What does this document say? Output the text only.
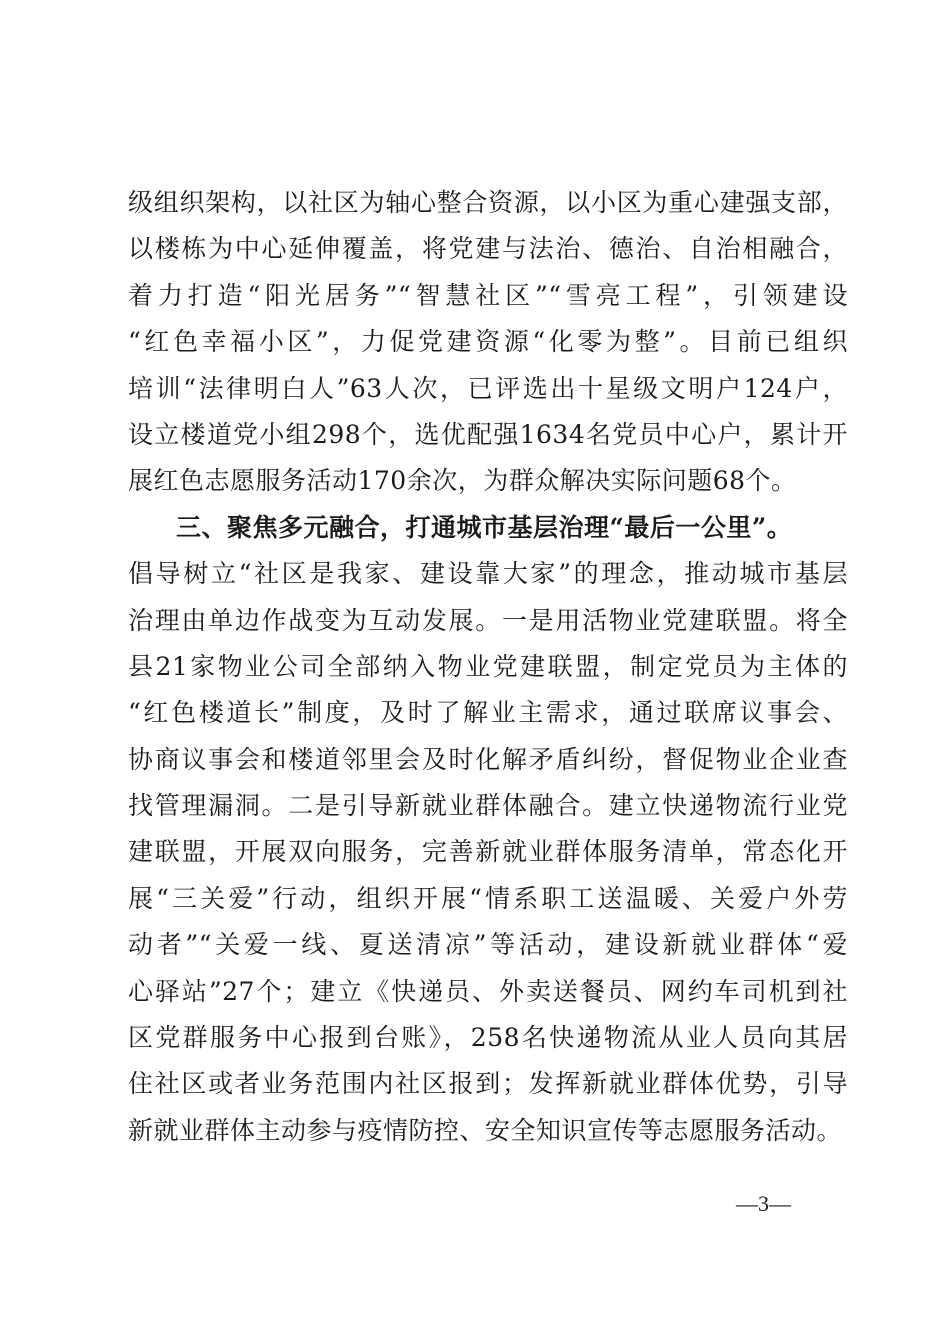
级组织架构，以社区为轴心整合资源，以小区为重心建强支部，
以楼栋为中心延伸覆盖，将党建与法治、德治、自治相融合，
着力打造“阳光居务”“智慧社区”“雪亮工程”，引领建设
“红色幸福小区”，力促党建资源“化零为整”。目前已组织
培训“法律明白人”63人次，已评选出十星级文明户124户，
设立楼道党小组298个，选优配强1634名党员中心户，累计开
展红色志愿服务活动170余次，为群众解决实际问题68个。
三、聚焦多元融合，打通城市基层治理“最后一公里”。
倡导树立“社区是我家、建设靠大家”的理念，推动城市基层
治理由单边作战变为互动发展。一是用活物业党建联盟。将全
县21家物业公司全部纳入物业党建联盟，制定党员为主体的
“红色楼道长”制度，及时了解业主需求，通过联席议事会、
协商议事会和楼道邻里会及时化解矛盾纠纷，督促物业企业查
找管理漏洞。二是引导新就业群体融合。建立快递物流行业党
建联盟，开展双向服务，完善新就业群体服务清单，常态化开
展“三关爱”行动，组织开展“情系职工送温暖、关爱户外劳
动者”“关爱一线、夏送清凉”等活动，建设新就业群体“爱
心驿站”27个；建立《快递员、外卖送餐员、网约车司机到社
区党群服务中心报到台账》，258名快递物流从业人员向其居
住社区或者业务范围内社区报到；发挥新就业群体优势，引导
新就业群体主动参与疫情防控、安全知识宣传等志愿服务活动。
—3—
